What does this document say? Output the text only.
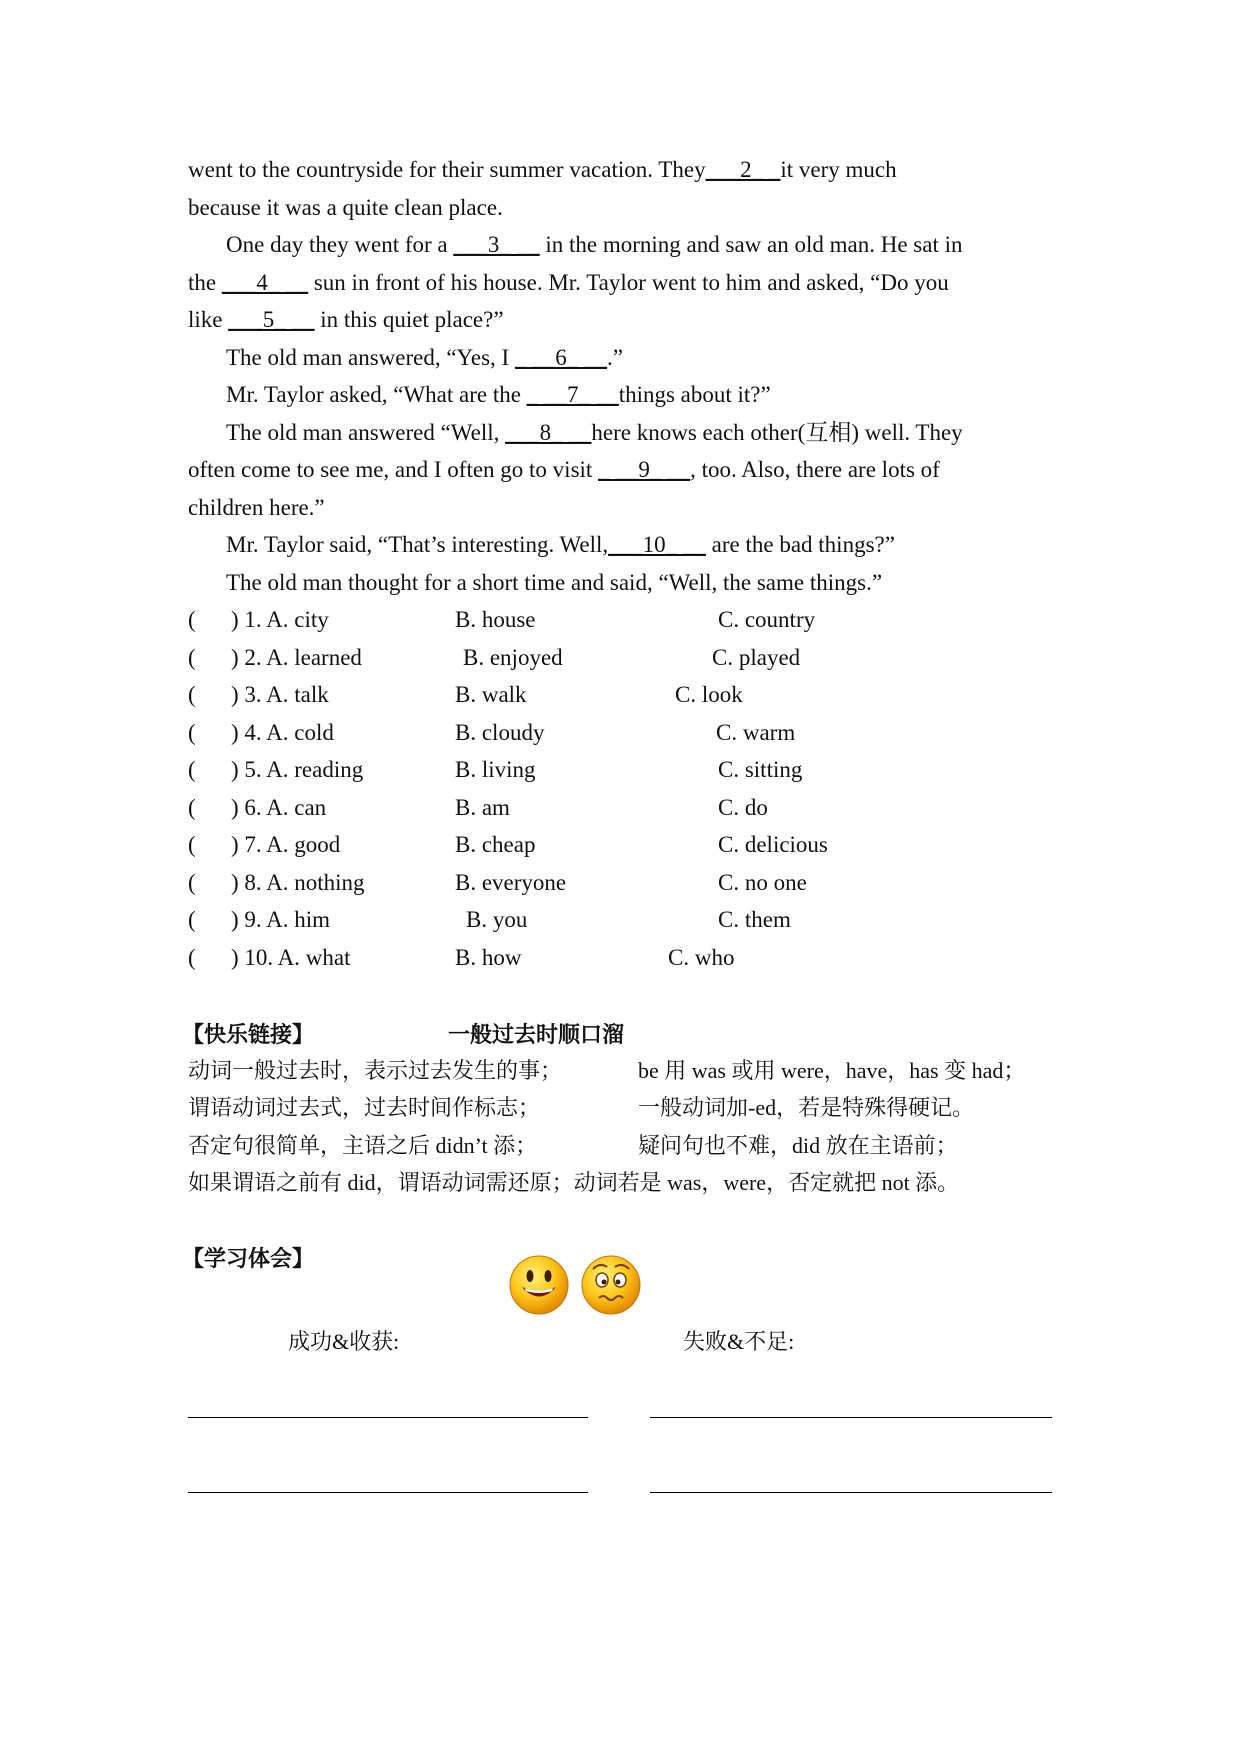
went to the countryside for their summer vacation. They___2_ _it very much
because it was a quite clean place.
One day they went for a ___3_ __ in the morning and saw an old man. He sat in
the ___4_ __ sun in front of his house. Mr. Taylor went to him and asked, “Do you
like ___5_ __ in this quiet place?”
The old man answered, “Yes, I _ __6_ __.”
Mr. Taylor asked, “What are the _ __7_ __things about it?”
The old man answered “Well, ___8_ __here knows each other(互相) well. They
often come to see me, and I often go to visit _ __9_ __, too. Also, there are lots of
children here.”
Mr. Taylor said, “That’s interesting. Well,___10_ __ are the bad things?”
The old man thought for a short time and said, “Well, the same things.”
( ) 1. A. city	B. house	C. country
( ) 2. A. learned	B. enjoyed	C. played
( ) 3. A. talk	B. walk	C. look
( ) 4. A. cold	B. cloudy	C. warm
( ) 5. A. reading	B. living	C. sitting
( ) 6. A. can	B. am	C. do
( ) 7. A. good	B. cheap	C. delicious
( ) 8. A. nothing	B. everyone	C. no one
( ) 9. A. him	B. you	C. them
( ) 10. A. what	B. how	C. who
【快乐链接】	一般过去时顺口溜
动词一般过去时，表示过去发生的事；	be 用 was 或用 were，have，has 变 had；
谓语动词过去式，过去时间作标志；	一般动词加-ed，若是特殊得硬记。
否定句很简单，主语之后 didn’t 添；	疑问句也不难，did 放在主语前；
如果谓语之前有 did，谓语动词需还原；动词若是 was，were，否定就把 not 添。
【学习体会】
成功&收获:	失败&不足:
